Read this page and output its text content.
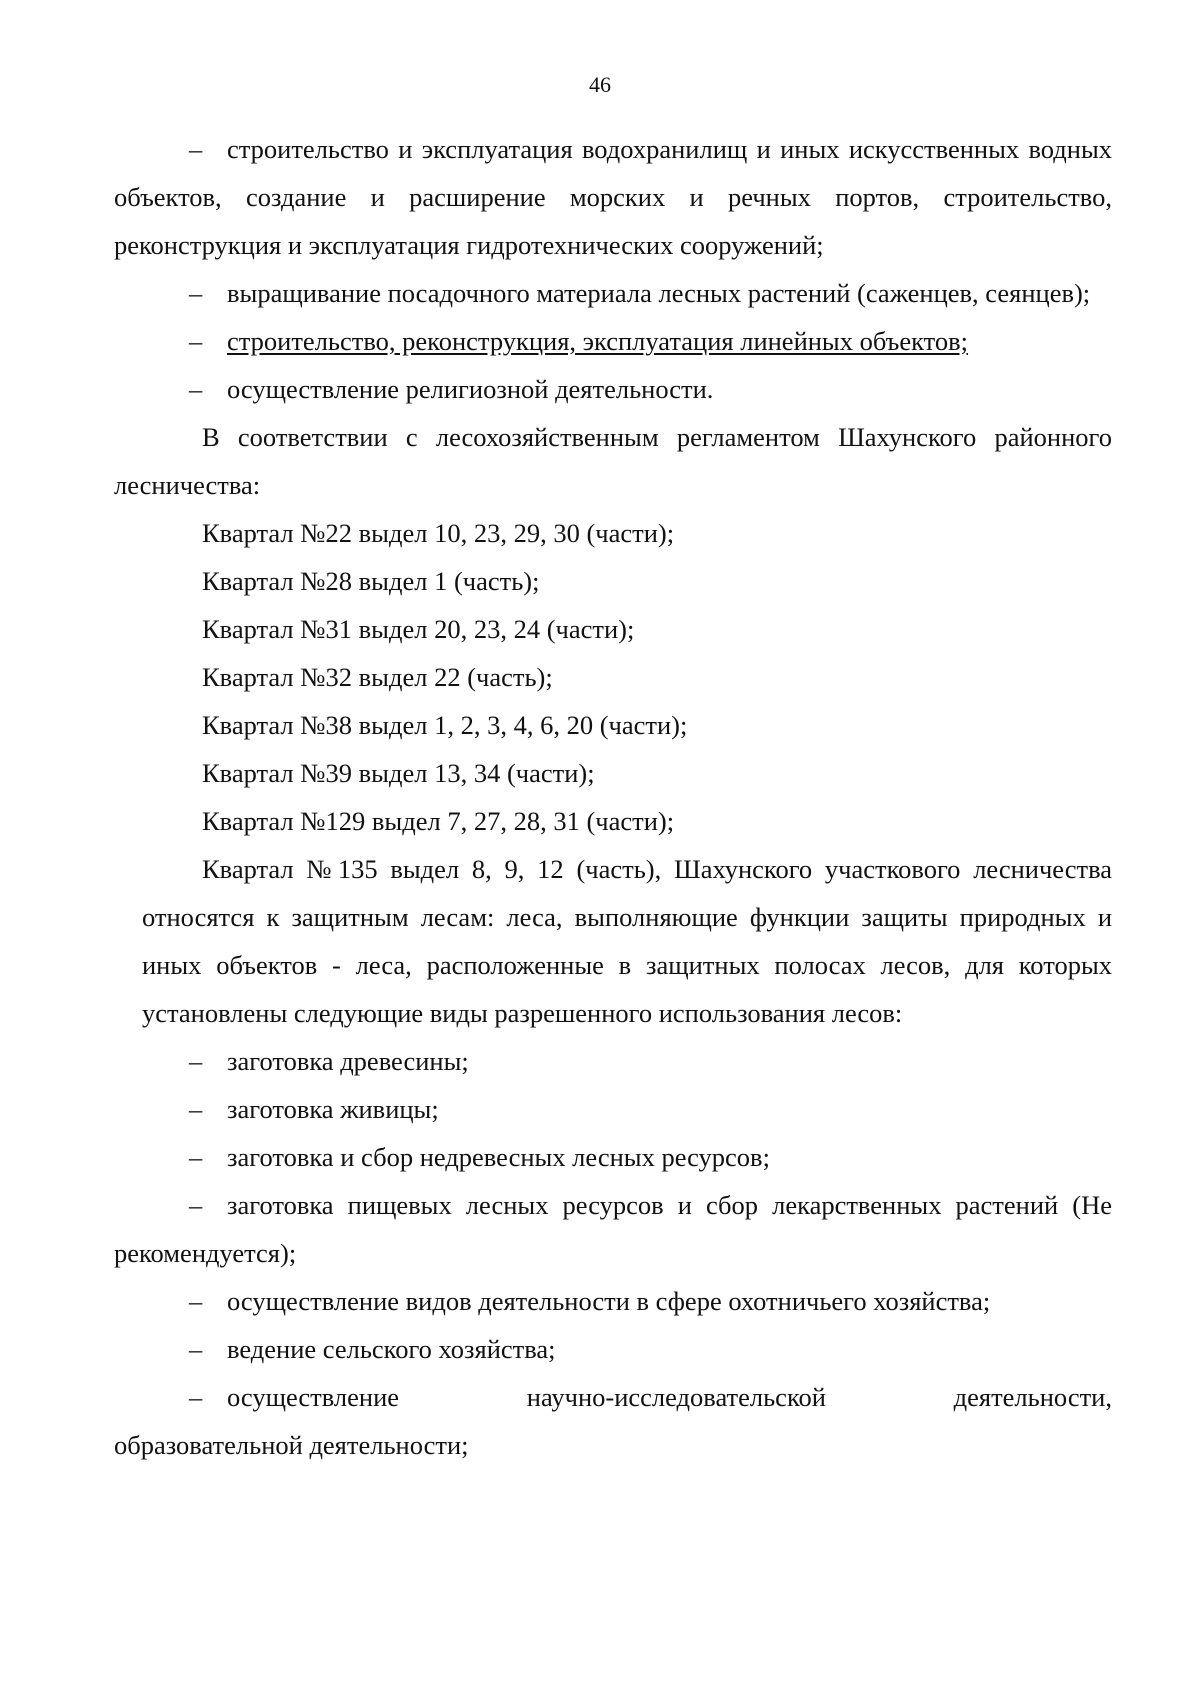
46

– строительство и эксплуатация водохранилищ и иных искусственных водных объектов, создание и расширение морских и речных портов, строительство, реконструкция и эксплуатация гидротехнических сооружений;

– выращивание посадочного материала лесных растений (саженцев, сеянцев);

– строительство, реконструкция, эксплуатация линейных объектов;

– осуществление религиозной деятельности.

В соответствии с лесохозяйственным регламентом Шахунского районного лесничества:

Квартал №22 выдел 10, 23, 29, 30 (части);

Квартал №28 выдел 1 (часть);

Квартал №31 выдел 20, 23, 24 (части);

Квартал №32 выдел 22 (часть);

Квартал №38 выдел 1, 2, 3, 4, 6, 20 (части);

Квартал №39 выдел 13, 34 (части);

Квартал №129 выдел 7, 27, 28, 31 (части);

Квартал №135 выдел 8, 9, 12 (часть), Шахунского участкового лесничества
относятся к защитным лесам: леса, выполняющие функции защиты природных и иных объектов - леса, расположенные в защитных полосах лесов, для которых установлены следующие виды разрешенного использования лесов:

– заготовка древесины;

– заготовка живицы;

– заготовка и сбор недревесных лесных ресурсов;

– заготовка пищевых лесных ресурсов и сбор лекарственных растений (Не рекомендуется);

– осуществление видов деятельности в сфере охотничьего хозяйства;

– ведение сельского хозяйства;

– осуществление	научно-исследовательской	деятельности,

образовательной деятельности;
